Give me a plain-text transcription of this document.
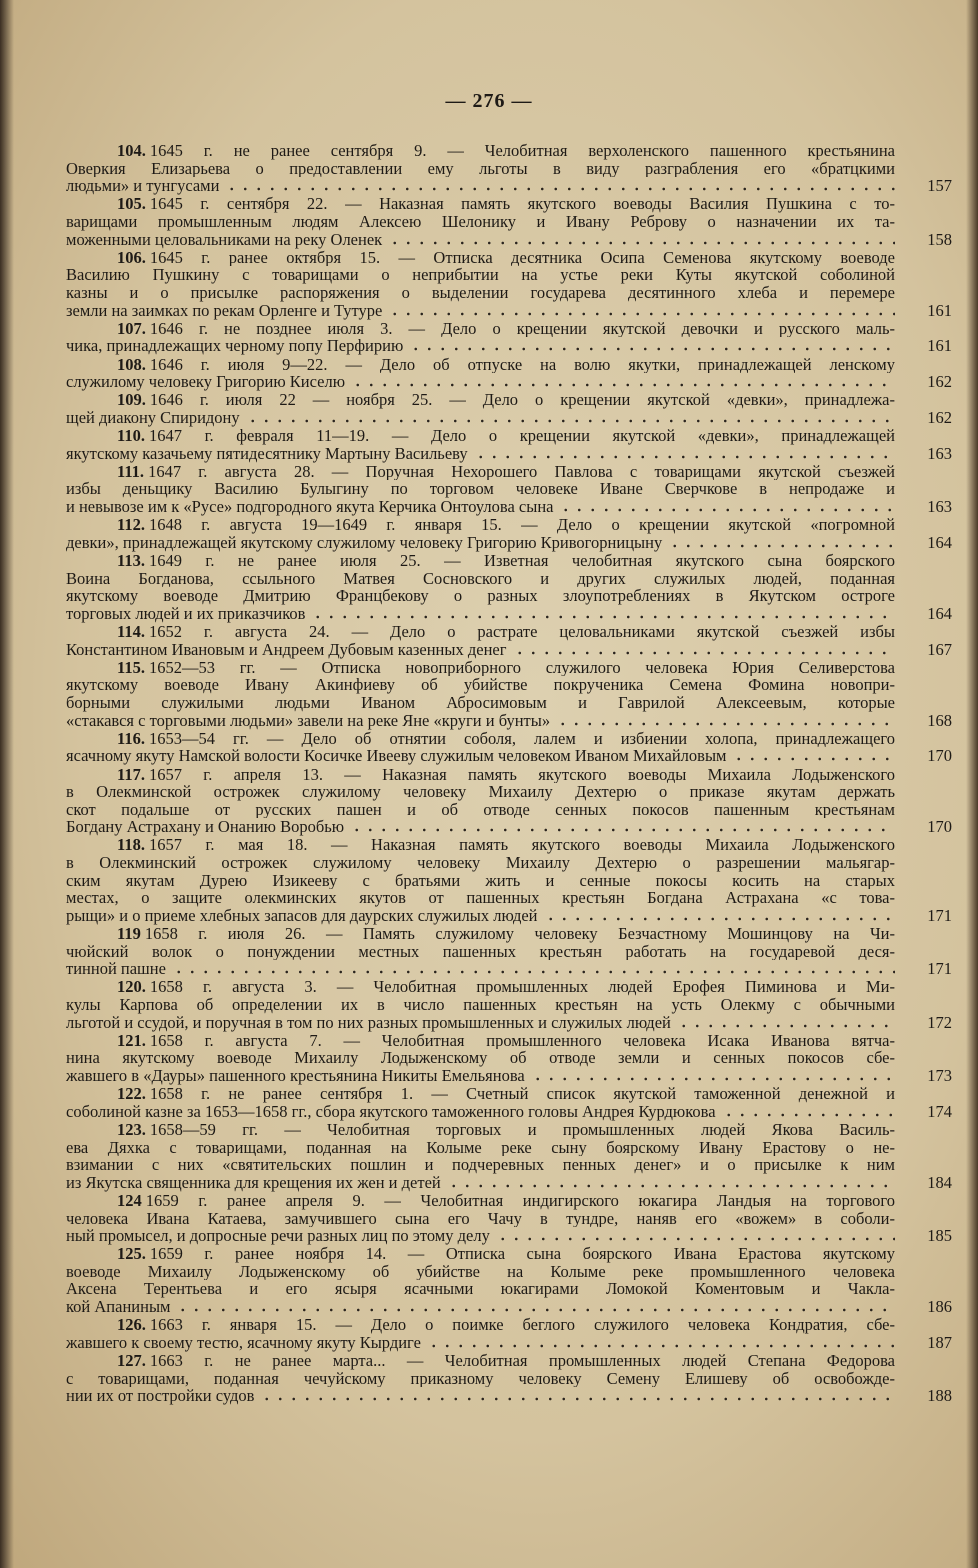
— 276 —
104. 1645 г. не ранее сентября 9. — Челобитная верхоленского пашенного крестьянина
Оверкия Елизарьева о предоставлении ему льготы в виду разграбления его «братцкими
людьми» и тунгусами	157
105. 1645 г. сентября 22. — Наказная память якутского воеводы Василия Пушкина с то-
варищами промышленным людям Алексею Шелонику и Ивану Реброву о назначении их та-
моженными целовальниками на реку Оленек	158
106. 1645 г. ранее октября 15. — Отписка десятника Осипа Семенова якутскому воеводе
Василию Пушкину с товарищами о неприбытии на устье реки Куты якутской соболиной
казны и о присылке распоряжения о выделении государева десятинного хлеба и перемере
земли на заимках по рекам Орленге и Тутуре	161
107. 1646 г. не позднее июля 3. — Дело о крещении якутской девочки и русского маль-
чика, принадлежащих черному попу Перфирию	161
108. 1646 г. июля 9—22. — Дело об отпуске на волю якутки, принадлежащей ленскому
служилому человеку Григорию Киселю	162
109. 1646 г. июля 22 — ноября 25. — Дело о крещении якутской «девки», принадлежа-
щей диакону Спиридону	162
110. 1647 г. февраля 11—19. — Дело о крещении якутской «девки», принадлежащей
якутскому казачьему пятидесятнику Мартыну Васильеву	163
111. 1647 г. августа 28. — Поручная Нехорошего Павлова с товарищами якутской съезжей
избы деньщику Василию Булыгину по торговом человеке Иване Сверчкове в непродаже и
и невывозе им к «Русе» подгородного якута Керчика Онтоулова сына	163
112. 1648 г. августа 19—1649 г. января 15. — Дело о крещении якутской «погромной
девки», принадлежащей якутскому служилому человеку Григорию Кривогорницыну	164
113. 1649 г. не ранее июля 25. — Изветная челобитная якутского сына боярского
Воина Богданова, ссыльного Матвея Сосновского и других служилых людей, поданная
якутскому воеводе Дмитрию Францбекову о разных злоупотреблениях в Якутском остроге
торговых людей и их приказчиков	164
114. 1652 г. августа 24. — Дело о растрате целовальниками якутской съезжей избы
Константином Ивановым и Андреем Дубовым казенных денег	167
115. 1652—53 гг. — Отписка новоприборного служилого человека Юрия Селиверстова
якутскому воеводе Ивану Акинфиеву об убийстве покрученика Семена Фомина новопри-
борными служилыми людьми Иваном Абросимовым и Гаврилой Алексеевым, которые
«стакався с торговыми людьми» завели на реке Яне «круги и бунты»	168
116. 1653—54 гг. — Дело об отнятии соболя, лалем и избиении холопа, принадлежащего
ясачному якуту Намской волости Косичке Ивееву служилым человеком Иваном Михайловым	170
117. 1657 г. апреля 13. — Наказная память якутского воеводы Михаила Лодыженского
в Олекминской острожек служилому человеку Михаилу Дехтерю о приказе якутам держать
скот подальше от русских пашен и об отводе сенных покосов пашенным крестьянам
Богдану Астрахану и Онанию Воробью	170
118. 1657 г. мая 18. — Наказная память якутского воеводы Михаила Лодыженского
в Олекминский острожек служилому человеку Михаилу Дехтерю о разрешении мальягар-
ским якутам Дурею Изикееву с братьями жить и сенные покосы косить на старых
местах, о защите олекминских якутов от пашенных крестьян Богдана Астрахана «с това-
рыщи» и о приеме хлебных запасов для даурских служилых людей	171
119 1658 г. июля 26. — Память служилому человеку Безчастному Мошинцову на Чи-
чюйский волок о понуждении местных пашенных крестьян работать на государевой деся-
тинной пашне	171
120. 1658 г. августа 3. — Челобитная промышленных людей Ерофея Пиминова и Ми-
кулы Карпова об определении их в число пашенных крестьян на усть Олекму с обычными
льготой и ссудой, и поручная в том по них разных промышленных и служилых людей	172
121. 1658 г. августа 7. — Челобитная промышленного человека Исака Иванова вятча-
нина якутскому воеводе Михаилу Лодыженскому об отводе земли и сенных покосов сбе-
жавшего в «Дауры» пашенного крестьянина Никиты Емельянова	173
122. 1658 г. не ранее сентября 1. — Счетный список якутской таможенной денежной и
соболиной казне за 1653—1658 гг., сбора якутского таможенного головы Андрея Курдюкова	174
123. 1658—59 гг. — Челобитная торговых и промышленных людей Якова Василь-
ева Дяхка с товарищами, поданная на Колыме реке сыну боярскому Ивану Ерастову о не-
взимании с них «святительских пошлин и подчеревных пенных денег» и о присылке к ним
из Якутска священника для крещения их жен и детей	184
124 1659 г. ранее апреля 9. — Челобитная индигирского юкагира Ландыя на торгового
человека Ивана Катаева, замучившего сына его Чачу в тундре, наняв его «вожем» в соболи-
ный промысел, и допросные речи разных лиц по этому делу	185
125. 1659 г. ранее ноября 14. — Отписка сына боярского Ивана Ерастова якутскому
воеводе Михаилу Лодыженскому об убийстве на Колыме реке промышленного человека
Аксена Терентьева и его ясыря ясачными юкагирами Ломокой Коментовым и Чакла-
кой Апаниным	186
126. 1663 г. января 15. — Дело о поимке беглого служилого человека Кондратия, сбе-
жавшего к своему тестю, ясачному якуту Кырдиге	187
127. 1663 г. не ранее марта... — Челобитная промышленных людей Степана Федорова
с товарищами, поданная чечуйскому приказному человеку Семену Елишеву об освобожде-
нии их от постройки судов	188
